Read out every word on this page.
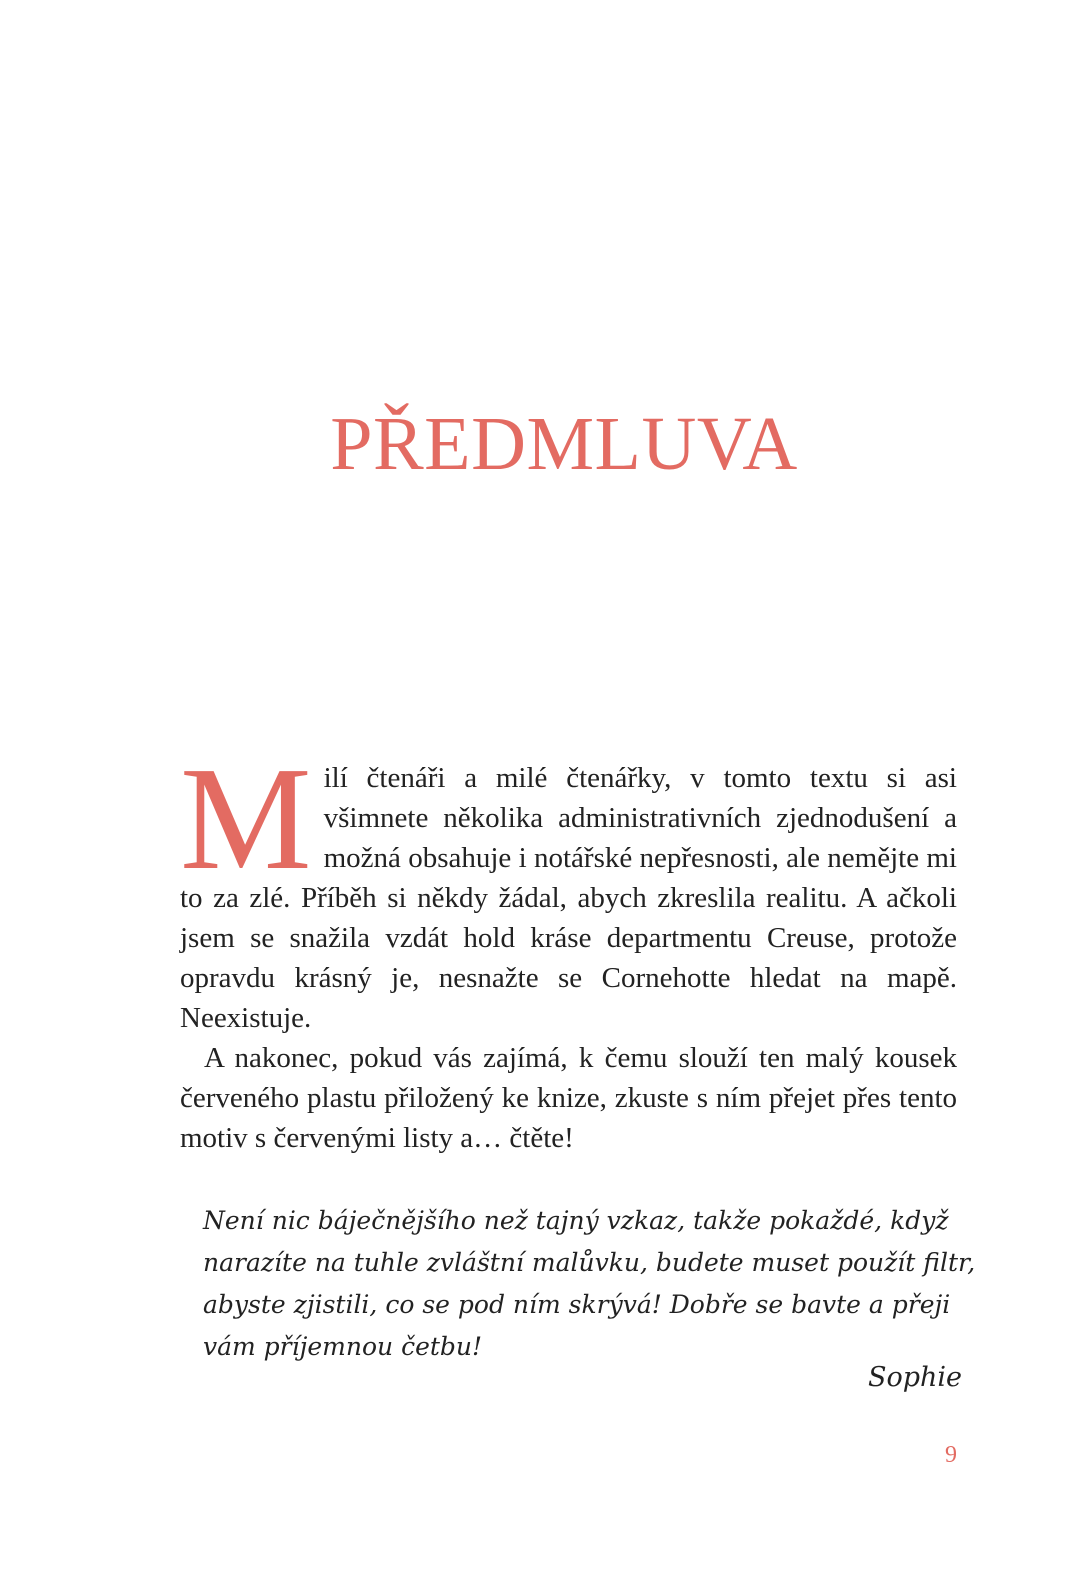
PŘEDMLUVA

Milí čtenáři a milé čtenářky, v tomto textu si asi všimnete několika administrativních zjednodušení a možná obsahuje i notářské nepřesnosti, ale nemějte mi to za zlé. Příběh si někdy žádal, abych zkreslila realitu. A ačkoli jsem se snažila vzdát hold kráse departmentu Creuse, protože opravdu krásný je, nesnažte se Cornehotte hledat na mapě. Neexistuje.

A nakonec, pokud vás zajímá, k čemu slouží ten malý kousek červeného plastu přiložený ke knize, zkuste s ním přejet přes tento motiv s červenými listy a… čtěte!

Není nic báječnějšího než tajný vzkaz, takže pokaždé, když
narazíte na tuhle zvláštní malůvku, budete muset použít filtr,
abyste zjistili, co se pod ním skrývá! Dobře se bavte a přeji
vám příjemnou četbu!
Sophie
9
